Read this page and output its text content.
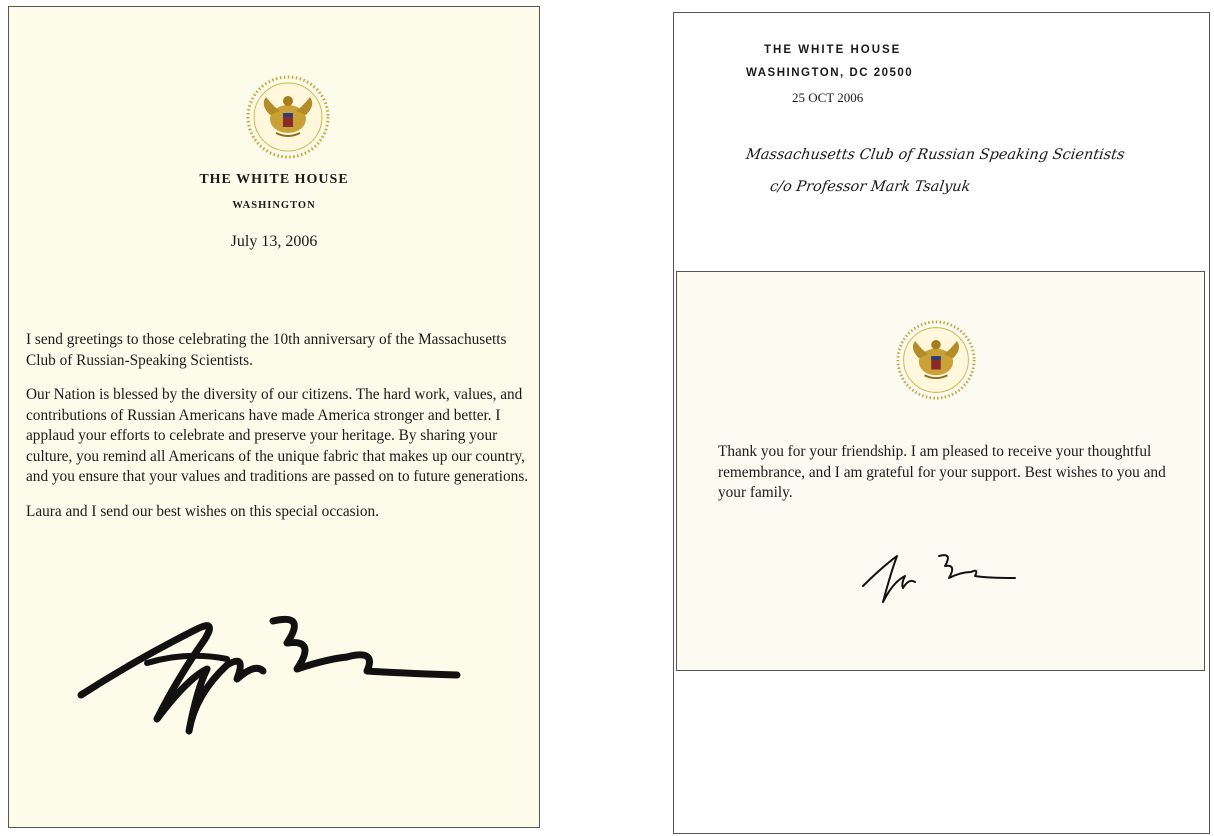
THE WHITE HOUSE
WASHINGTON
July 13, 2006

I send greetings to those celebrating the 10th anniversary of the Massachusetts Club of Russian-Speaking Scientists.

Our Nation is blessed by the diversity of our citizens. The hard work, values, and contributions of Russian Americans have made America stronger and better. I applaud your efforts to celebrate and preserve your heritage. By sharing your culture, you remind all Americans of the unique fabric that makes up our country, and you ensure that your values and traditions are passed on to future generations.

Laura and I send our best wishes on this special occasion.

THE WHITE HOUSE
WASHINGTON, DC 20500
25 OCT 2006
Massachusetts Club of Russian Speaking Scientists
c/o Professor Mark Tsalyuk
Thank you for your friendship. I am pleased to receive your thoughtful remembrance, and I am grateful for your support. Best wishes to you and your family.
